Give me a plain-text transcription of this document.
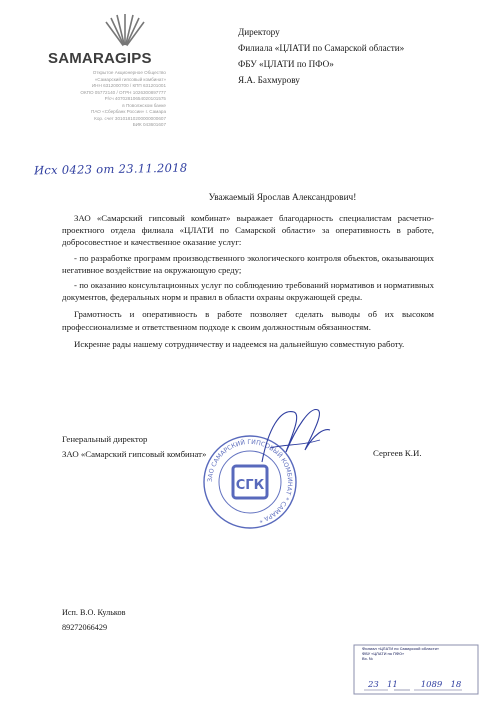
SAMARAGIPS
Открытое Акционерное Общество
«Самарский гипсовый комбинат»
ИНН 6312000700 / КПП 631201001
ОКПО 05772140 / ОГРН 1026300897777
Р/сч 40702810654020101575
в Поволжском банке
ПАО «Сбербанк России» г. Самара
Кор. счет 30101810200000000607
БИК 043601607
Директору
Филиала «ЦЛАТИ по Самарской области»
ФБУ «ЦЛАТИ по ПФО»
Я.А. Бахмурову
Исх 0423 от 23.11.2018
Уважаемый Ярослав Александрович!

ЗАО «Самарский гипсовый комбинат» выражает благодарность специалистам расчетно-проектного отдела филиала «ЦЛАТИ по Самарской области» за оперативность в работе, добросовестное и качественное оказание услуг:

- по разработке программ производственного экологического контроля объектов, оказывающих негативное воздействие на окружающую среду;

- по оказанию консультационных услуг по соблюдению требований нормативов и нормативных документов, федеральных норм и правил в области охраны окружающей среды.

Грамотность и оперативность в работе позволяет сделать выводы об их высоком профессионализме и ответственном подходе к своим должностным обязанностям.

Искренне рады нашему сотрудничеству и надеемся на дальнейшую совместную работу.

ЗАО САМАРСКИЙ ГИПСОВЫЙ КОМБИНАТ * САМАРА *
СГК
Генеральный директор
ЗАО «Самарский гипсовый комбинат»	Сергеев К.И.
Исп. В.О. Кульков
89272066429
Филиал «ЦЛАТИ по Самарской области»
ФБУ «ЦЛАТИ по ПФО»
Вх. №
23 11	1089 18
